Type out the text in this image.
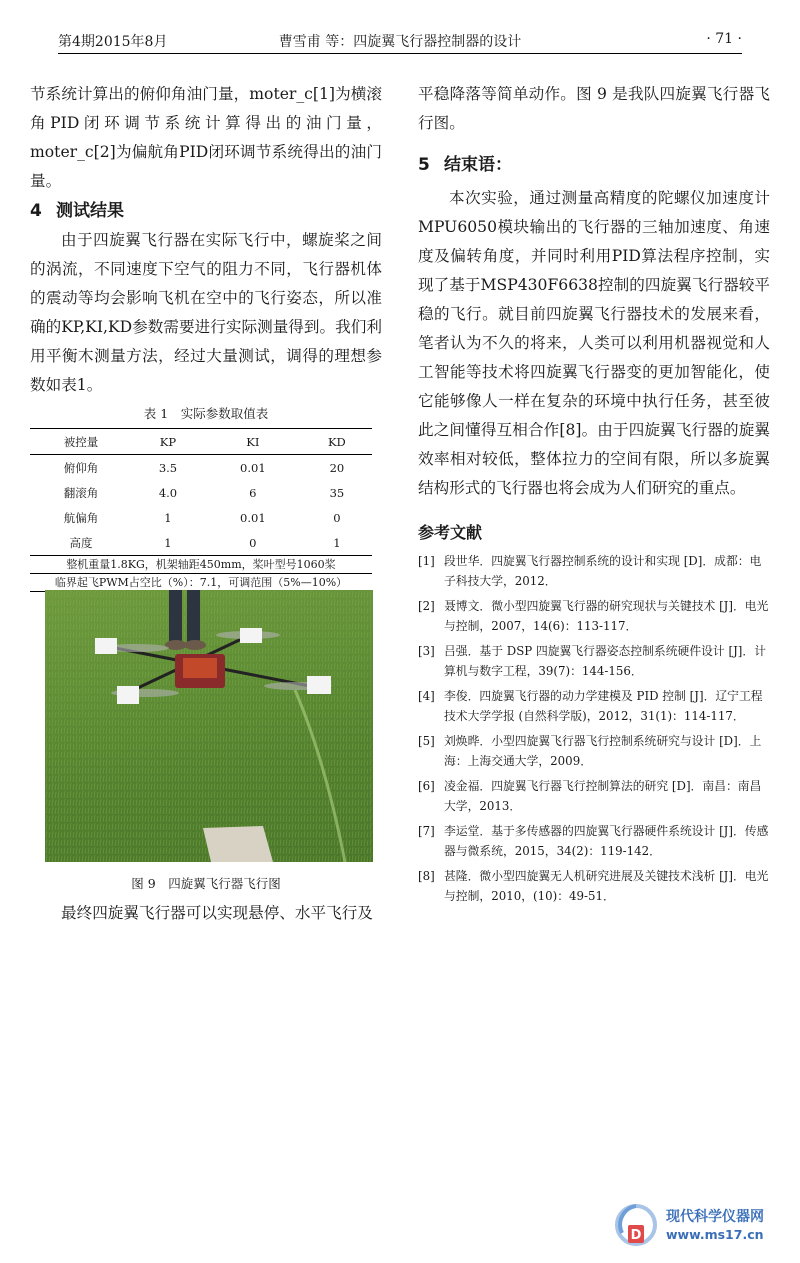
第4期2015年8月	曹雪甫 等：四旋翼飞行器控制器的设计	· 71 ·

节系统计算出的俯仰角油门量，moter_c[1]为横滚角PID闭环调节系统计算得出的油门量，moter_c[2]为偏航角PID闭环调节系统得出的油门量。

4 测试结果

由于四旋翼飞行器在实际飞行中，螺旋桨之间的涡流，不同速度下空气的阻力不同，飞行器机体的震动等均会影响飞机在空中的飞行姿态，所以准确的KP,KI,KD参数需要进行实际测量得到。我们利用平衡木测量方法，经过大量测试，调得的理想参数如表1。

表 1　实际参数取值表
被控量	KP	KI	KD
俯仰角	3.5	0.01	20
翻滚角	4.0	6	35
航偏角	1	0.01	0
高度	1	0	1
整机重量1.8KG，机架轴距450mm，桨叶型号1060桨
临界起飞PWM占空比（%）：7.1，可调范围（5%—10%）
图 9　四旋翼飞行器飞行图

最终四旋翼飞行器可以实现悬停、水平飞行及

平稳降落等简单动作。图 9 是我队四旋翼飞行器飞行图。

5 结束语：

本次实验，通过测量高精度的陀螺仪加速度计MPU6050模块输出的飞行器的三轴加速度、角速度及偏转角度，并同时利用PID算法程序控制，实现了基于MSP430F6638控制的四旋翼飞行器较平稳的飞行。就目前四旋翼飞行器技术的发展来看，笔者认为不久的将来，人类可以利用机器视觉和人工智能等技术将四旋翼飞行器变的更加智能化，使它能够像人一样在复杂的环境中执行任务，甚至彼此之间懂得互相合作[8]。由于四旋翼飞行器的旋翼效率相对较低，整体拉力的空间有限，所以多旋翼结构形式的飞行器也将会成为人们研究的重点。

参考文献
[1] 段世华．四旋翼飞行器控制系统的设计和实现 [D]．成都：电子科技大学，2012．
[2] 聂博文．微小型四旋翼飞行器的研究现状与关键技术 [J]．电光与控制，2007，14(6)：113-117．
[3] 吕强．基于 DSP 四旋翼飞行器姿态控制系统硬件设计 [J]．计算机与数字工程，39(7)：144-156．
[4] 李俊．四旋翼飞行器的动力学建模及 PID 控制 [J]．辽宁工程技术大学学报 (自然科学版)，2012，31(1)：114-117．
[5] 刘焕晔．小型四旋翼飞行器飞行控制系统研究与设计 [D]．上海：上海交通大学，2009．
[6] 凌金福．四旋翼飞行器飞行控制算法的研究 [D]．南昌：南昌大学，2013．
[7] 李运堂．基于多传感器的四旋翼飞行器硬件系统设计 [J]．传感器与微系统，2015，34(2)：119-142．
[8] 甚隆．微小型四旋翼无人机研究进展及关键技术浅析 [J]．电光与控制，2010，(10)：49-51．
D
现代科学仪器网
www.ms17.cn
